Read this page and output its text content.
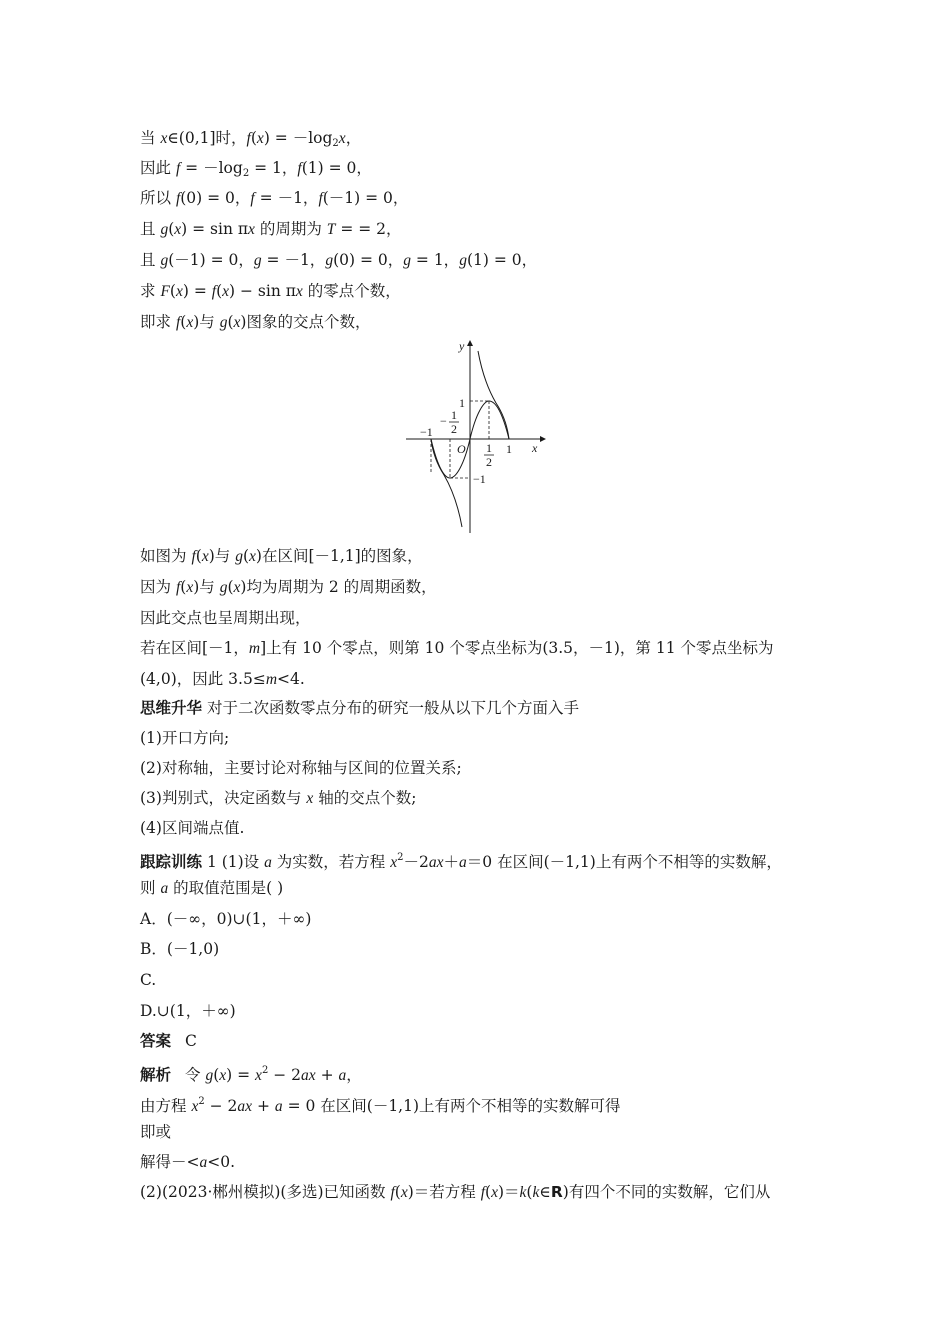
当 x∈(0,1]时，$f(x) = -\log_2x$，
因此 $f = -\log_2 = 1$，f(1) = 0，
所以 f(0) = 0，f = －1，f(－1) = 0，
且 g(x) = sin πx 的周期为 T = = 2，
且 g(－1) = 0，g = －1，g(0) = 0，g = 1，g(1) = 0，
求 F(x) = f(x) − sin πx 的零点个数，
即求 f(x)与 g(x)图象的交点个数，
如图为 f(x)与 g(x)在区间[－1,1]的图象，
因为 f(x)与 g(x)均为周期为 2 的周期函数，
因此交点也呈周期出现，
若在区间[－1，m]上有 10 个零点，则第 10 个零点坐标为(3.5，－1)，第 11 个零点坐标为
(4,0)，因此 3.5≤m<4.
思维升华 对于二次函数零点分布的研究一般从以下几个方面入手
(1)开口方向;
(2)对称轴，主要讨论对称轴与区间的位置关系;
(3)判别式，决定函数与 x 轴的交点个数;
(4)区间端点值.
跟踪训练 1 (1)设 a 为实数，若方程 $x^2-2ax+a=0$ 在区间(－1,1)上有两个不相等的实数解，
则 a 的取值范围是( )
A．(－∞，0)∪(1，＋∞)
B．(－1,0)
C.
D.∪(1，＋∞)
答案 C
解析 令 $g(x) = x^2 - 2ax + a$，
由方程 $x^2 - 2ax + a = 0$ 在区间(－1,1)上有两个不相等的实数解可得
即或
解得－<a<0.
(2)(2023·郴州模拟)(多选)已知函数 f(x)＝若方程 f(x)＝k(k∈R)有四个不同的实数解，它们从
y
x
O
−1
− 1
2
1
2
1
1
−1
